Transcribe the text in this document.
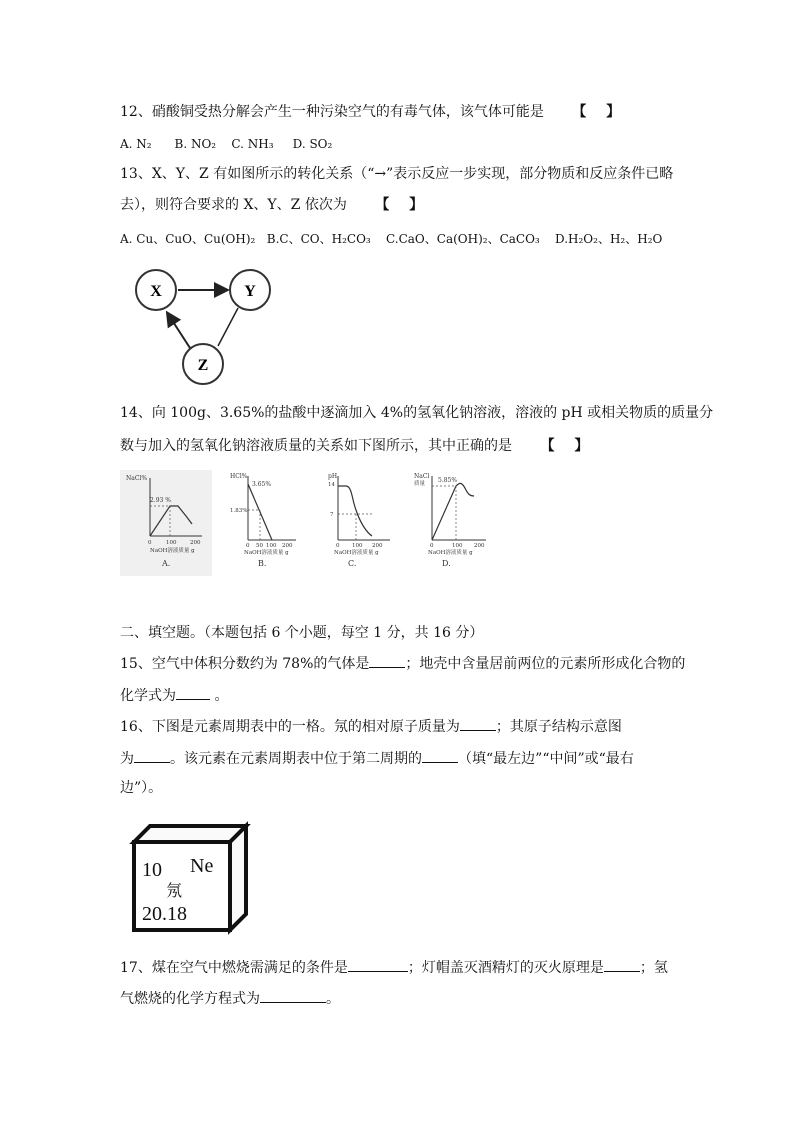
12、硝酸铜受热分解会产生一种污染空气的有毒气体，该气体可能是 【】
A. N₂ B. NO₂ C. NH₃ D. SO₂
13、X、Y、Z 有如图所示的转化关系（“→”表示反应一步实现，部分物质和反应条件已略
去），则符合要求的 X、Y、Z 依次为 【】
A. Cu、CuO、Cu(OH)₂ B.C、CO、H₂CO₃ C.CaO、Ca(OH)₂、CaCO₃ D.H₂O₂、H₂、H₂O
X	Y
Z
14、向 100g、3.65%的盐酸中逐滴加入 4%的氢氧化钠溶液，溶液的 pH 或相关物质的质量分
数与加入的氢氧化钠溶液质量的关系如下图所示，其中正确的是 【】
NaCl%
2.93 %
0	100 200
NaOH溶液质量 g
A.
HCl%
3.65%
1.83%
0 50 100 200
NaOH溶液质量 g
B.
pH
14
7
0 100 200
NaOH溶液质量 g
C.
NaCl
质量 5.85%
0	100 200
NaOH溶液质量 g
D.
二、填空题。（本题包括 6 个小题，每空 1 分，共 16 分）
15、空气中体积分数约为 78%的气体是	；地壳中含量居前两位的元素所形成化合物的
化学式为	。
16、下图是元素周期表中的一格。氖的相对原子质量为	；其原子结构示意图
为	。该元素在元素周期表中位于第二周期的	（填“最左边”“中间”或“最右
边”）。
10 Ne
氖
20.18
17、煤在空气中燃烧需满足的条件是	；灯帽盖灭酒精灯的灭火原理是	；氢
气燃烧的化学方程式为	。
